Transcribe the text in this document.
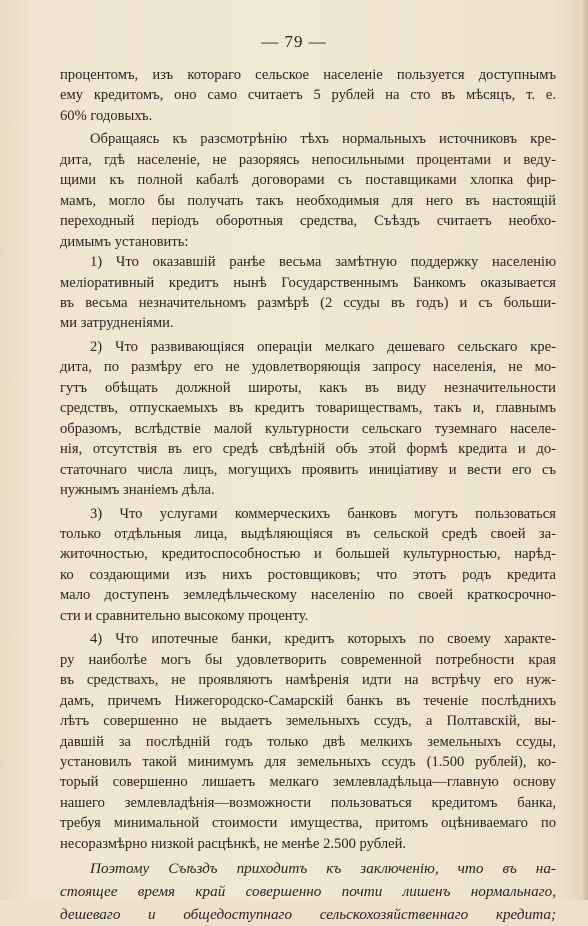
— 79 —
процентомъ, изъ котораго сельское населенiе пользуется доступнымъ
ему кредитомъ, оно само считаетъ 5 рублей на сто въ мѣсяцъ, т. е.
60% годовыхъ.
Обращаясь къ разсмотрѣнiю тѣхъ нормальныхъ источниковъ кре-
дита, гдѣ населенiе, не разоряясь непосильными процентами и веду-
щими къ полной кабалѣ договорами съ поставщиками хлопка фир-
мамъ, могло бы получать такъ необходимыя для него въ настоящiй
переходный перiодъ оборотныя средства, Съѣздъ считаетъ необхо-
димымъ установить:
1) Что оказавшiй ранѣе весьма замѣтную поддержку населенiю
мелiоративный кредитъ нынѣ Государственнымъ Банкомъ оказывается
въ весьма незначительномъ размѣрѣ (2 ссуды въ годъ) и съ больши-
ми затрудненiями.
2) Что развивающiяся операцiи мелкаго дешеваго сельскаго кре-
дита, по размѣру его не удовлетворяющiя запросу населенiя, не мо-
гутъ обѣщать должной широты, какъ въ виду незначительности
средствъ, отпускаемыхъ въ кредитъ товариществамъ, такъ и, главнымъ
образомъ, вслѣдствiе малой культурности сельскаго туземнаго населе-
нiя, отсутствiя въ его средѣ свѣдѣнiй объ этой формѣ кредита и до-
статочнаго числа лицъ, могущихъ проявить иницiативу и вести его съ
нужнымъ знанiемъ дѣла.
3) Что услугами коммерческихъ банковъ могутъ пользоваться
только отдѣльныя лица, выдѣляющiяся въ сельской средѣ своей за-
житочностью, кредитоспособностью и большей культурностью, нарѣд-
ко создающими изъ нихъ ростовщиковъ; что этотъ родъ кредита
мало доступенъ земледѣльческому населенiю по своей краткосрочно-
сти и сравнительно высокому проценту.
4) Что ипотечные банки, кредитъ которыхъ по своему характе-
ру наиболѣе могъ бы удовлетворить современной потребности края
въ средствахъ, не проявляютъ намѣренiя идти на встрѣчу его нуж-
дамъ, причемъ Нижегородско-Самарскiй банкъ въ теченiе послѣднихъ
лѣтъ совершенно не выдаетъ земельныхъ ссудъ, а Полтавскiй, вы-
давшiй за послѣднiй годъ только двѣ мелкихъ земельныхъ ссуды,
установилъ такой минимумъ для земельныхъ ссудъ (1.500 рублей), ко-
торый совершенно лишаетъ мелкаго землевладѣльца—главную основу
нашего землевладѣнiя—возможности пользоваться кредитомъ банка,
требуя минимальной стоимости имущества, притомъ оцѣниваемаго по
несоразмѣрно низкой расцѣнкѣ, не менѣе 2.500 рублей.
Поэтому Съѣздъ приходитъ къ заключенiю, что въ на-
стоящее время край совершенно почти лишенъ нормальнаго,
дешеваго и общедоступнаго сельскохозяйственнаго кредита;
